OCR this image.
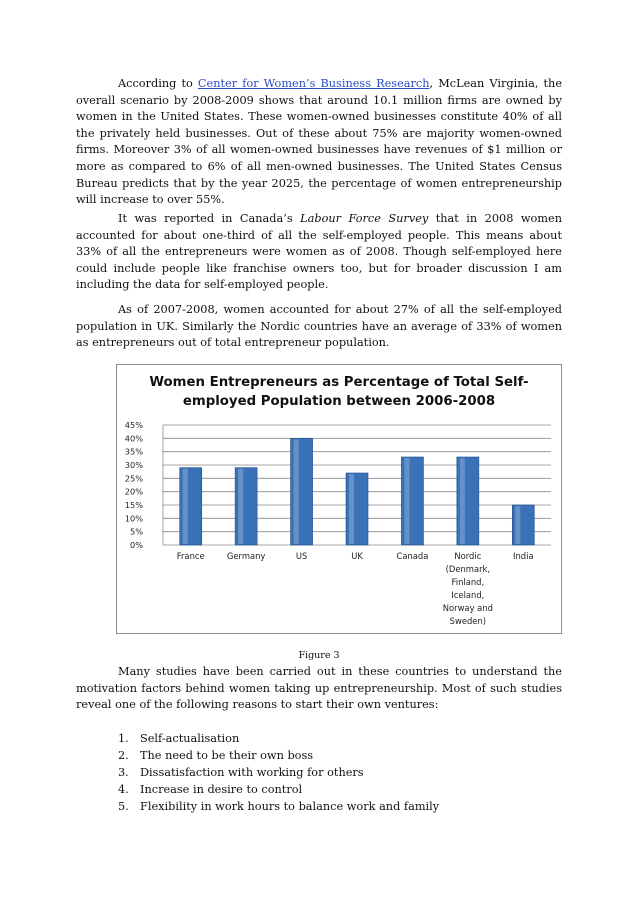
According to Center for Women’s Business Research, McLean Virginia, the overall scenario by 2008-2009 shows that around 10.1 million firms are owned by women in the United States. These women-owned businesses constitute 40% of all the privately held businesses. Out of these about 75% are majority women-owned firms. Moreover 3% of all women-owned businesses have revenues of $1 million or more as compared to 6% of all men-owned businesses. The United States Census Bureau predicts that by the year 2025, the percentage of women entrepreneurship will increase to over 55%.

It was reported in Canada’s Labour Force Survey that in 2008 women accounted for about one-third of all the self-employed people. This means about 33% of all the entrepreneurs were women as of 2008. Though self-employed here could include people like franchise owners too, but for broader discussion I am including the data for self-employed people.

As of 2007-2008, women accounted for about 27% of all the self-employed population in UK. Similarly the Nordic countries have an average of 33% of women as entrepreneurs out of total entrepreneur population.

Women Entrepreneurs as Percentage of Total Self-
employed Population between 2006-2008
0%
5%
10%
15%
20%
25%
30%
35%
40%
45%
France	Germany	US	UK	Canada	Nordic
(Denmark,
Finland,
Iceland,
Norway and
Sweden)
India
Figure 3

Many studies have been carried out in these countries to understand the motivation factors behind women taking up entrepreneurship. Most of such studies reveal one of the following reasons to start their own ventures:

1. Self-actualisation
2. The need to be their own boss
3. Dissatisfaction with working for others
4. Increase in desire to control
5. Flexibility in work hours to balance work and family
